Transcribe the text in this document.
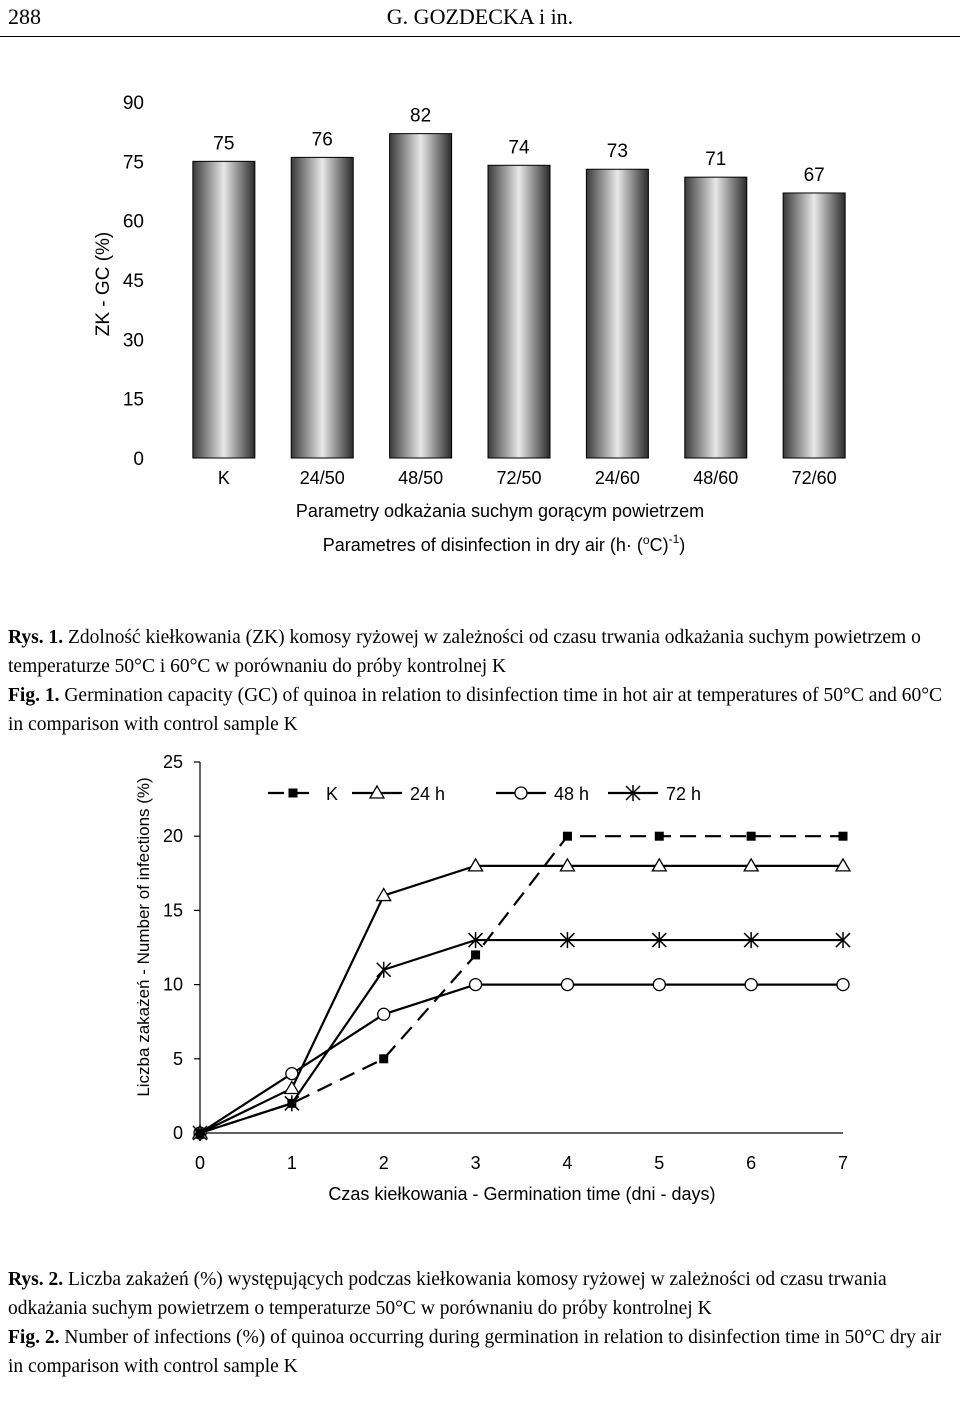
288	G. GOZDECKA i in.
0
15
30
45
60
75
90
75	76
82
74	73	71
67
K	24/50	48/50	72/50	24/60	48/60	72/60
ZK - GC (%)
Parametry odkażania suchym gorącym powietrzem
Parametres of disinfection in dry air $(h\cdot (^oC)^{-1})$
Rys. 1. Zdolność kiełkowania (ZK) komosy ryżowej w zależności od czasu trwania odkażania suchym powietrzem o temperaturze 50°C i 60°C w porównaniu do próby kontrolnej K
Fig. 1. Germination capacity (GC) of quinoa in relation to disinfection time in hot air at temperatures of 50°C and 60°C in comparison with control sample K
0
5
10
15
20
25
0	1	2	3	4	5	6	7
K	24 h	48 h	72 h
Liczba zakażeń - Number of infections (%)
Czas kiełkowania - Germination time (dni - days)
Rys. 2. Liczba zakażeń (%) występujących podczas kiełkowania komosy ryżowej w zależności od czasu trwania odkażania suchym powietrzem o temperaturze 50°C w porównaniu do próby kontrolnej K
Fig. 2. Number of infections (%) of quinoa occurring during germination in relation to disinfection time in 50°C dry air in comparison with control sample K
